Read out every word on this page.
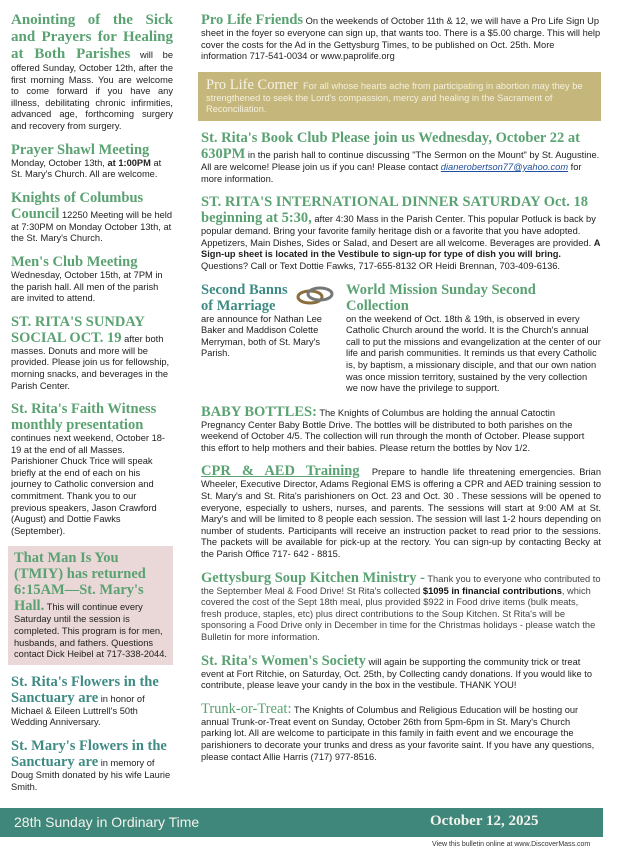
Anointing of the Sick and Prayers for Healing at Both Parishes will be offered Sunday, October 12th, after the first morning Mass. You are welcome to come forward if you have any illness, debilitating chronic infirmities, advanced age, forthcoming surgery and recovery from surgery.
Prayer Shawl Meeting
Monday, October 13th, at 1:00PM at St. Mary's Church. All are welcome.
Knights of Columbus Council 12250 Meeting will be held at 7:30PM on Monday October 13th, at the St. Mary's Church.
Men's Club Meeting
Wednesday, October 15th, at 7PM in the parish hall. All men of the parish are invited to attend.
ST. RITA'S SUNDAY SOCIAL OCT. 19 after both masses. Donuts and more will be provided. Please join us for fellowship, morning snacks, and beverages in the Parish Center.
St. Rita's Faith Witness monthly presentation continues next weekend, October 18-19 at the end of all Masses. Parishioner Chuck Trice will speak briefly at the end of each on his journey to Catholic conversion and commitment. Thank you to our previous speakers, Jason Crawford (August) and Dottie Fawks (September).
That Man Is You (TMIY) has returned 6:15AM—St. Mary's Hall. This will continue every Saturday until the session is completed. This program is for men, husbands, and fathers. Questions contact Dick Heibel at 717-338-2044.
St. Rita's Flowers in the Sanctuary are in honor of Michael & Eileen Luttrell's 50th Wedding Anniversary.
St. Mary's Flowers in the Sanctuary are in memory of Doug Smith donated by his wife Laurie Smith.
Pro Life Friends On the weekends of October 11th & 12, we will have a Pro Life Sign Up sheet in the foyer so everyone can sign up, that wants too. There is a $5.00 charge. This will help cover the costs for the Ad in the Gettysburg Times, to be published on Oct. 25th. More information 717-541-0034 or www.paprolife.org
Pro Life Corner For all whose hearts ache from participating in abortion may they be strengthened to seek the Lord's compassion, mercy and healing in the Sacrament of Reconciliation.
St. Rita's Book Club Please join us Wednesday, October 22 at 630PM in the parish hall to continue discussing "The Sermon on the Mount" by St. Augustine. All are welcome! Please join us if you can! Please contact dianerobertson77@yahoo.com for more information.
ST. RITA'S INTERNATIONAL DINNER SATURDAY Oct. 18 beginning at 5:30, after 4:30 Mass in the Parish Center. This popular Potluck is back by popular demand. Bring your favorite family heritage dish or a favorite that you have adopted. Appetizers, Main Dishes, Sides or Salad, and Desert are all welcome. Beverages are provided. A Sign-up sheet is located in the Vestibule to sign-up for type of dish you will bring. Questions? Call or Text Dottie Fawks, 717-655-8132 OR Heidi Brennan, 703-409-6136.
Second Banns of Marriage are announce for Nathan Lee Baker and Maddison Colette Merryman, both of St. Mary's Parish.
World Mission Sunday Second Collection
on the weekend of Oct. 18th & 19th, is observed in every Catholic Church around the world. It is the Church's annual call to put the missions and evangelization at the center of our life and parish communities. It reminds us that every Catholic is, by baptism, a missionary disciple, and that our own nation was once mission territory, sustained by the very collection we now have the privilege to support.
BABY BOTTLES: The Knights of Columbus are holding the annual Catoctin Pregnancy Center Baby Bottle Drive. The bottles will be distributed to both parishes on the weekend of October 4/5. The collection will run through the month of October. Please support this effort to help mothers and their babies. Please return the bottles by Nov 1/2.
CPR & AED Training Prepare to handle life threatening emergencies. Brian Wheeler, Executive Director, Adams Regional EMS is offering a CPR and AED training session to St. Mary's and St. Rita's parishioners on Oct. 23 and Oct. 30 . These sessions will be opened to everyone, especially to ushers, nurses, and parents. The sessions will start at 9:00 AM at St. Mary's and will be limited to 8 people each session. The session will last 1-2 hours depending on number of students. Participants will receive an instruction packet to read prior to the sessions. The packets will be available for pick-up at the rectory. You can sign-up by contacting Becky at the Parish Office 717- 642 - 8815.
Gettysburg Soup Kitchen Ministry - Thank you to everyone who contributed to the September Meal & Food Drive! St Rita's collected $1095 in financial contributions, which covered the cost of the Sept 18th meal, plus provided $922 in Food drive items (bulk meats, fresh produce, staples, etc) plus direct contributions to the Soup Kitchen. St Rita's will be sponsoring a Food Drive only in December in time for the Christmas holidays - please watch the Bulletin for more information.
St. Rita's Women's Society will again be supporting the community trick or treat event at Fort Ritchie, on Saturday, Oct. 25th, by Collecting candy donations. If you would like to contribute, please leave your candy in the box in the vestibule. THANK YOU!
Trunk-or-Treat: The Knights of Columbus and Religious Education will be hosting our annual Trunk-or-Treat event on Sunday, October 26th from 5pm-6pm in St. Mary's Church parking lot. All are welcome to participate in this family in faith event and we encourage the parishioners to decorate your trunks and dress as your favorite saint. If you have any questions, please contact Allie Harris (717) 977-8516.
28th Sunday in Ordinary Time	October 12, 2025
View this bulletin online at www.DiscoverMass.com
